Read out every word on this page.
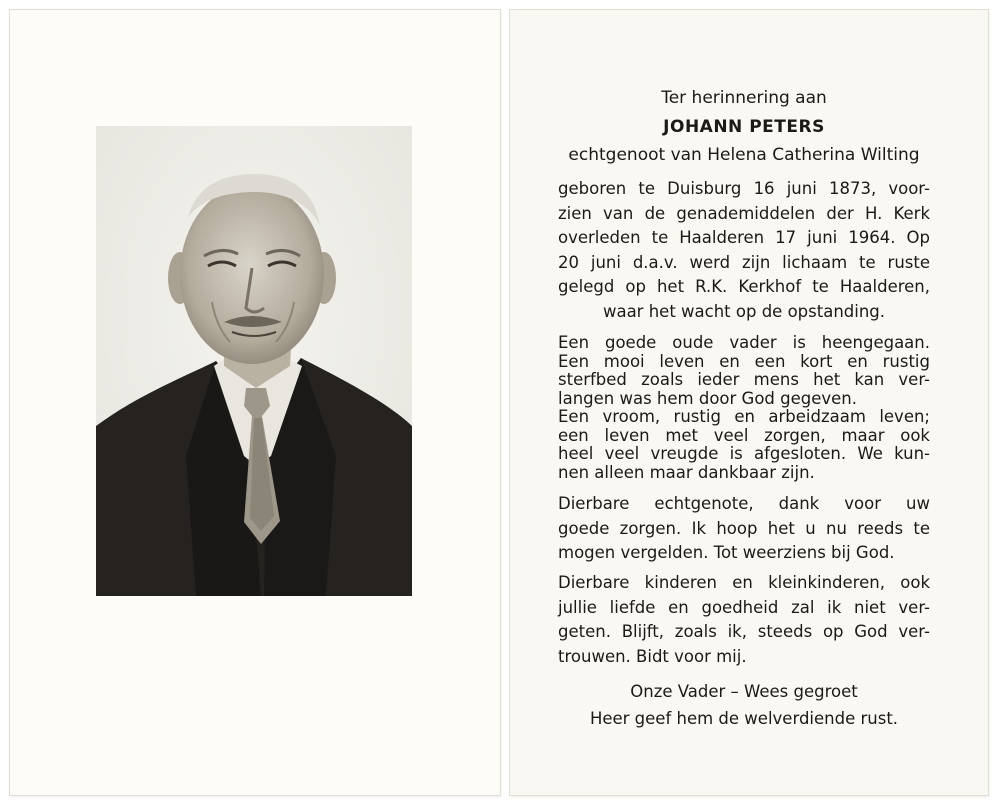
Ter herinnering aan
JOHANN PETERS
echtgenoot van Helena Catherina Wilting
geboren te Duisburg 16 juni 1873, voor-
zien van de genademiddelen der H. Kerk
overleden te Haalderen 17 juni 1964. Op
20 juni d.a.v. werd zijn lichaam te ruste
gelegd op het R.K. Kerkhof te Haalderen,
waar het wacht op de opstanding.
Een goede oude vader is heengegaan.
Een mooi leven en een kort en rustig
sterfbed zoals ieder mens het kan ver-
langen was hem door God gegeven.
Een vroom, rustig en arbeidzaam leven;
een leven met veel zorgen, maar ook
heel veel vreugde is afgesloten. We kun-
nen alleen maar dankbaar zijn.
Dierbare echtgenote, dank voor uw
goede zorgen. Ik hoop het u nu reeds te
mogen vergelden. Tot weerziens bij God.
Dierbare kinderen en kleinkinderen, ook
jullie liefde en goedheid zal ik niet ver-
geten. Blijft, zoals ik, steeds op God ver-
trouwen. Bidt voor mij.
Onze Vader – Wees gegroet
Heer geef hem de welverdiende rust.
